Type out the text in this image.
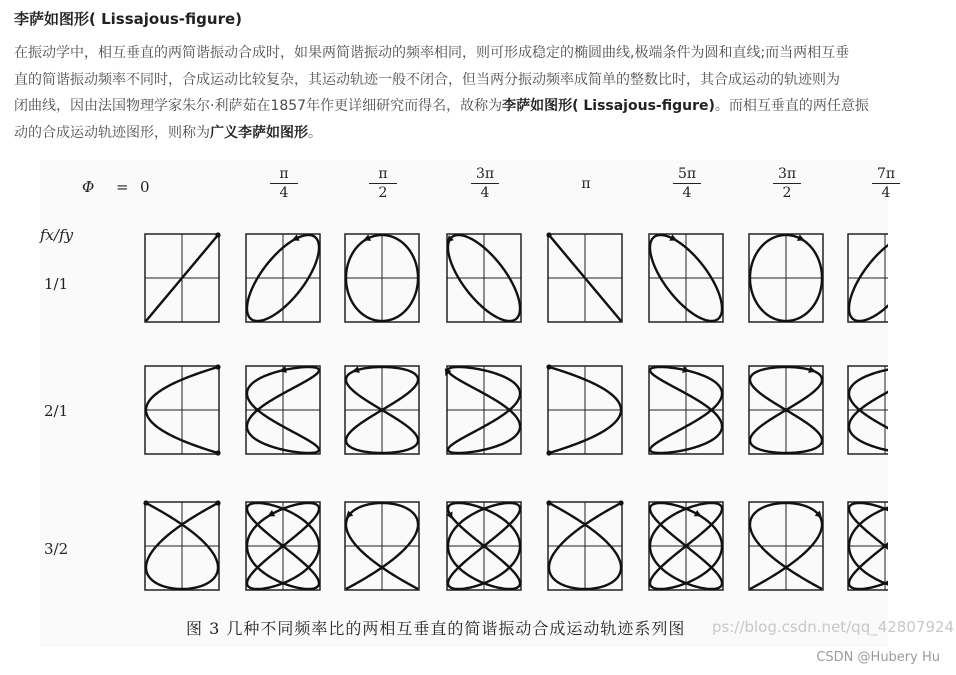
李萨如图形( Lissajous-figure)
在振动学中，相互垂直的两简谐振动合成时，如果两简谐振动的频率相同，则可形成稳定的椭圆曲线,极端条件为圆和直线;而当两相互垂
直的简谐振动频率不同时，合成运动比较复杂，其运动轨迹一般不闭合，但当两分振动频率成简单的整数比时，其合成运动的轨迹则为
闭曲线，因由法国物理学家朱尔·利萨茹在1857年作更详细研究而得名，故称为李萨如图形( Lissajous-figure)。而相互垂直的两任意振
动的合成运动轨迹图形，则称为广义李萨如图形。
Φ = 0	$\frac{\pi}{4}$	$\frac{\pi}{2}$	$\frac{3\pi}{4}$	π	$\frac{5\pi}{4}$	$\frac{3\pi}{2}$	$\frac{7\pi}{4}$
fx/fy
1/1
2/1
3/2
图 3 几种不同频率比的两相互垂直的简谐振动合成运动轨迹系列图 ps://blog.csdn.net/qq_42807924
CSDN @Hubery Hu
